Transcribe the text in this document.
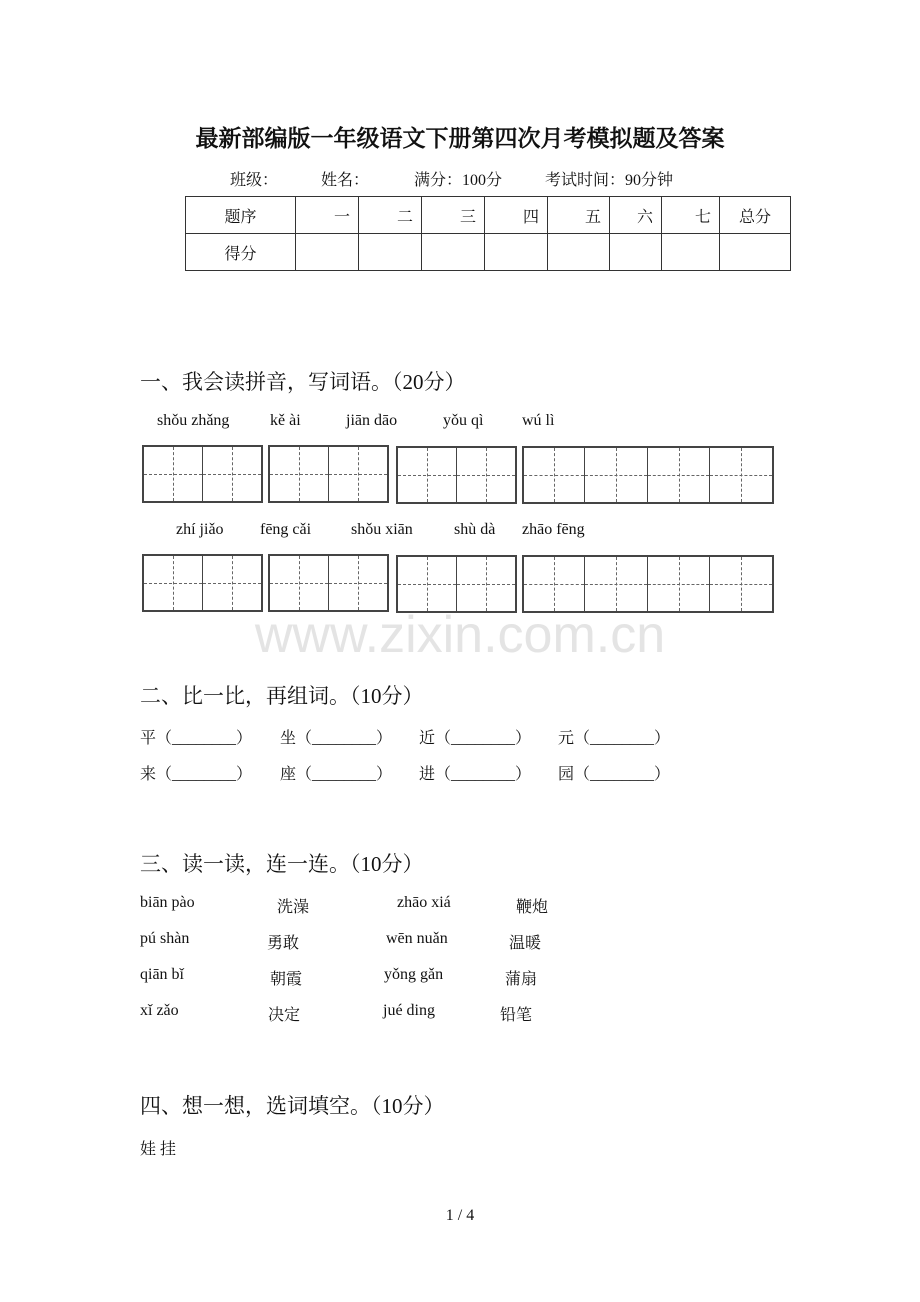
最新部编版一年级语文下册第四次月考模拟题及答案
班级：	姓名：	满分：100分	考试时间：90分钟
题序	一	二	三	四	五	六	七	总分
得分								
一、我会读拼音，写词语。（20分）
shǒu zhǎng	kě ài	jiān dāo	yǒu qì wú lì
zhí jiǎo fēng cǎi shǒu xiān	shù dà zhāo fēng
www.zixin.com.cn
二、比一比，再组词。（10分）
平（________） 坐（________） 近（________） 元（________）
来（________） 座（________） 进（________） 园（________）
三、读一读，连一连。（10分）
biān pào	洗澡	zhāo xiá	鞭炮
pú shàn	勇敢	wēn nuǎn	温暖
qiān bǐ	朝霞	yǒng gǎn	蒲扇
xǐ zǎo	决定	jué ding	铅笔
四、想一想，选词填空。（10分）
娃 挂
1 / 4
